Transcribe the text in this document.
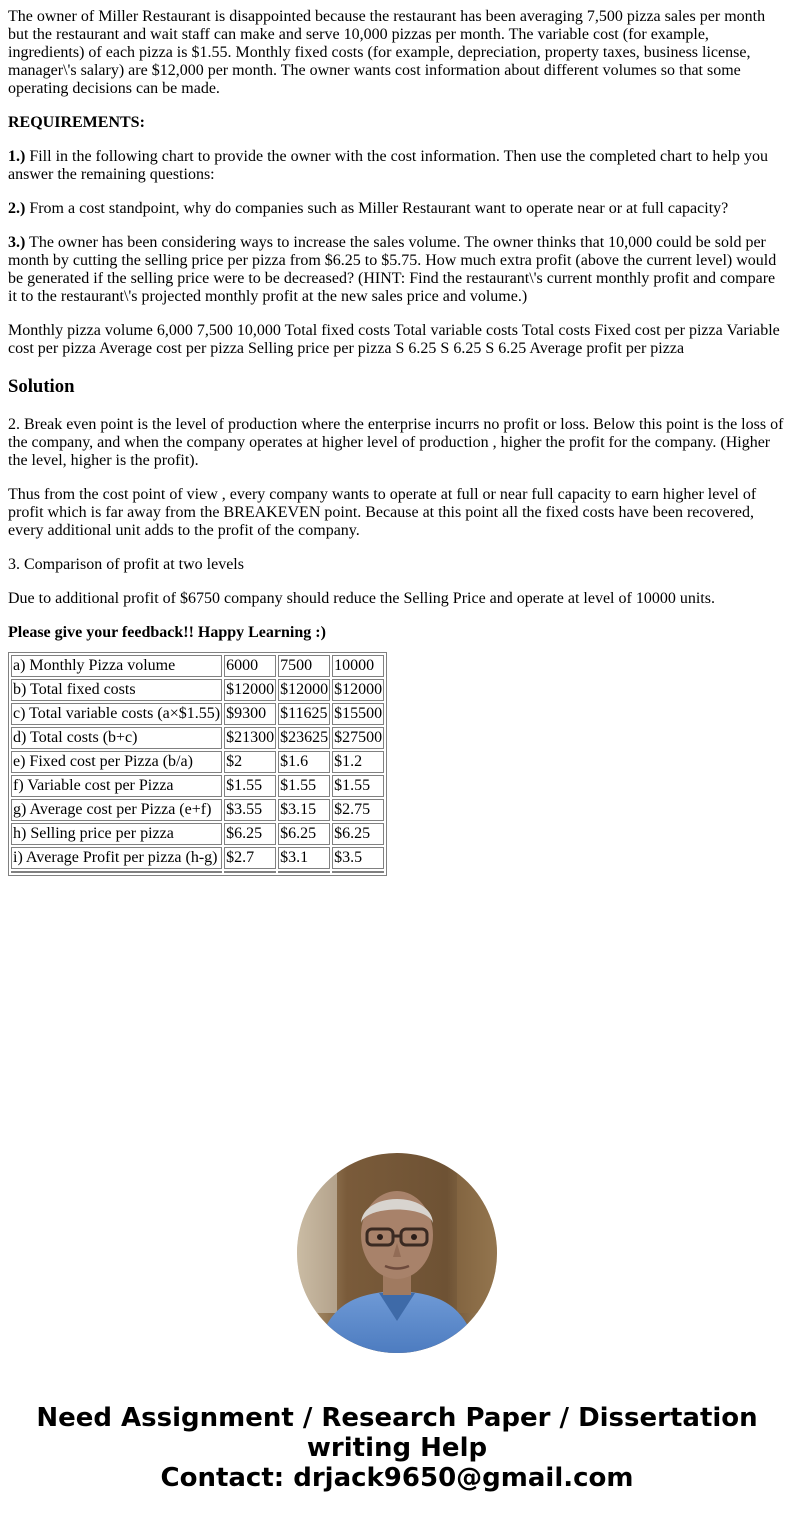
The owner of Miller Restaurant is disappointed because the restaurant has been averaging 7,500 pizza sales per month but the restaurant and wait staff can make and serve 10,000 pizzas per month. The variable cost (for example, ingredients) of each pizza is $1.55. Monthly fixed costs (for example, depreciation, property taxes, business license, manager\'s salary) are $12,000 per month. The owner wants cost information about different volumes so that some operating decisions can be made.

REQUIREMENTS:

1.) Fill in the following chart to provide the owner with the cost information. Then use the completed chart to help you answer the remaining questions:

2.) From a cost standpoint, why do companies such as Miller Restaurant want to operate near or at full capacity?

3.) The owner has been considering ways to increase the sales volume. The owner thinks that 10,000 could be sold per month by cutting the selling price per pizza from $6.25 to $5.75. How much extra profit (above the current level) would be generated if the selling price were to be decreased? (HINT: Find the restaurant\'s current monthly profit and compare it to the restaurant\'s projected monthly profit at the new sales price and volume.)

Monthly pizza volume 6,000 7,500 10,000 Total fixed costs Total variable costs Total costs Fixed cost per pizza Variable cost per pizza Average cost per pizza Selling price per pizza S 6.25 S 6.25 S 6.25 Average profit per pizza

Solution

2. Break even point is the level of production where the enterprise incurrs no profit or loss. Below this point is the loss of the company, and when the company operates at higher level of production , higher the profit for the company. (Higher the level, higher is the profit).

Thus from the cost point of view , every company wants to operate at full or near full capacity to earn higher level of profit which is far away from the BREAKEVEN point. Because at this point all the fixed costs have been recovered, every additional unit adds to the profit of the company.

3. Comparison of profit at two levels

Due to additional profit of $6750 company should reduce the Selling Price and operate at level of 10000 units.

Please give your feedback!! Happy Learning :)

a) Monthly Pizza volume	6000	7500	10000
b) Total fixed costs	$12000	$12000	$12000
c) Total variable costs (a×$1.55)	$9300	$11625	$15500
d) Total costs (b+c)	$21300	$23625	$27500
e) Fixed cost per Pizza (b/a)	$2	$1.6	$1.2
f) Variable cost per Pizza	$1.55	$1.55	$1.55
g) Average cost per Pizza (e+f)	$3.55	$3.15	$2.75
h) Selling price per pizza	$6.25	$6.25	$6.25
i) Average Profit per pizza (h-g)	$2.7	$3.1	$3.5

Need Assignment / Research Paper / Dissertation
writing Help
Contact: drjack9650@gmail.com
